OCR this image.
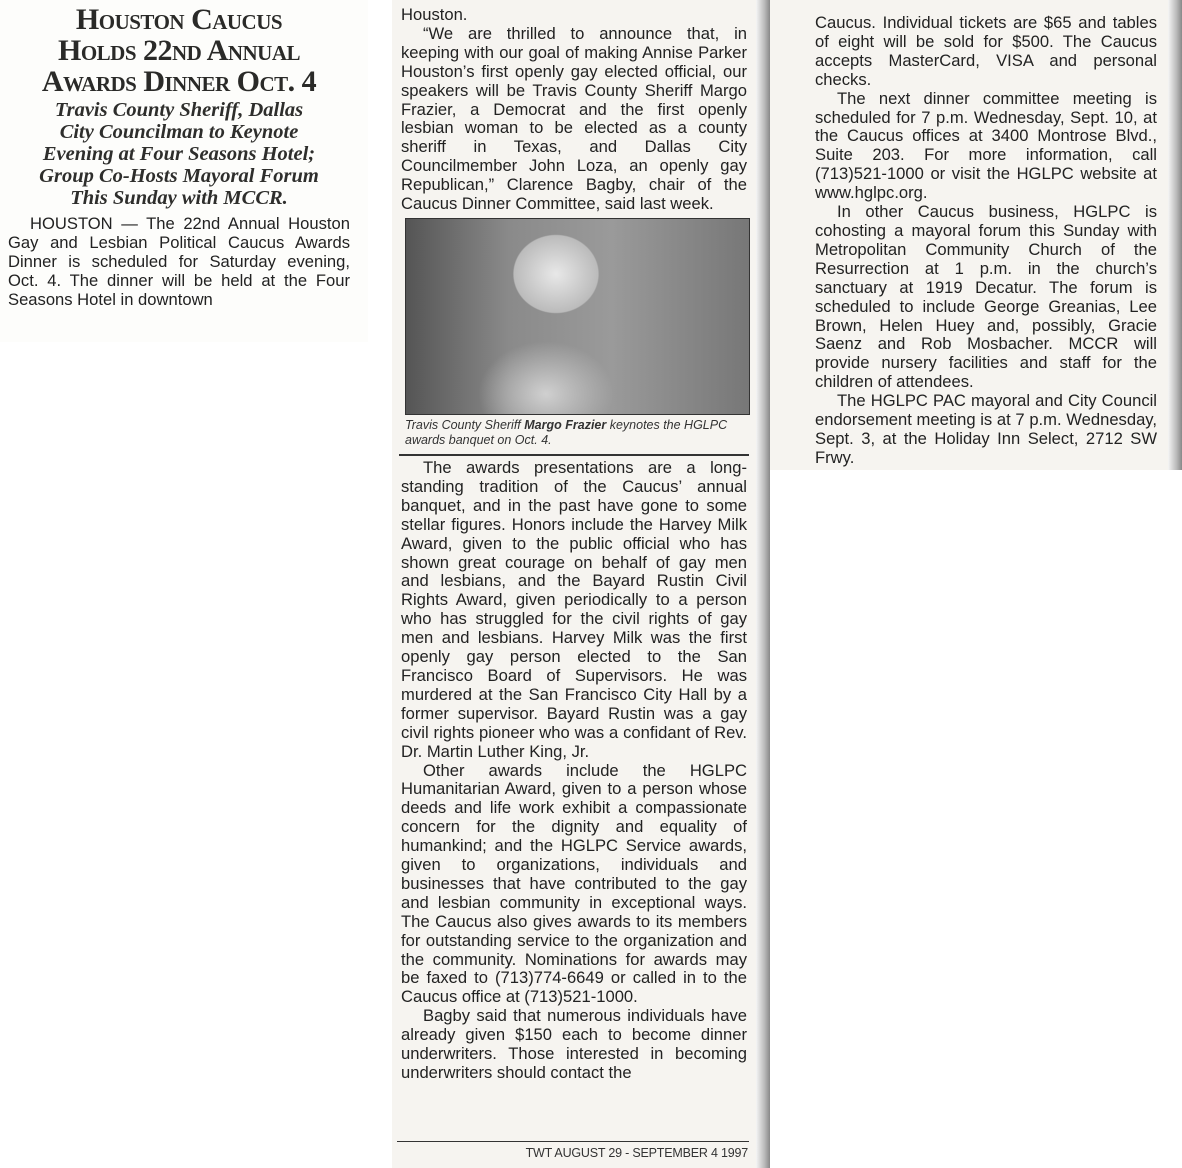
Houston Caucus
Holds 22nd Annual
Awards Dinner Oct. 4
Travis County Sheriff, Dallas
City Councilman to Keynote
Evening at Four Seasons Hotel;
Group Co-Hosts Mayoral Forum
This Sunday with MCCR.

HOUSTON — The 22nd Annual Houston Gay and Lesbian Political Caucus Awards Dinner is scheduled for Saturday evening, Oct. 4. The dinner will be held at the Four Seasons Hotel in downtown

Houston.

“We are thrilled to announce that, in keeping with our goal of making Annise Parker Houston’s first openly gay elected official, our speakers will be Travis County Sheriff Margo Frazier, a Democrat and the first openly lesbian woman to be elected as a county sheriff in Texas, and Dallas City Councilmember John Loza, an openly gay Republican,” Clarence Bagby, chair of the Caucus Dinner Committee, said last week.

Travis County Sheriff Margo Frazier keynotes the HGLPC awards banquet on Oct. 4.

The awards presentations are a long-standing tradition of the Caucus’ annual banquet, and in the past have gone to some stellar figures. Honors include the Harvey Milk Award, given to the public official who has shown great courage on behalf of gay men and lesbians, and the Bayard Rustin Civil Rights Award, given periodically to a person who has struggled for the civil rights of gay men and lesbians. Harvey Milk was the first openly gay person elected to the San Francisco Board of Supervisors. He was murdered at the San Francisco City Hall by a former supervisor. Bayard Rustin was a gay civil rights pioneer who was a confidant of Rev. Dr. Martin Luther King, Jr.

Other awards include the HGLPC Humanitarian Award, given to a person whose deeds and life work exhibit a compassionate concern for the dignity and equality of humankind; and the HGLPC Service awards, given to organizations, individuals and businesses that have contributed to the gay and lesbian community in exceptional ways. The Caucus also gives awards to its members for outstanding service to the organization and the community. Nominations for awards may be faxed to (713)774-6649 or called in to the Caucus office at (713)521-1000.

Bagby said that numerous individuals have already given $150 each to become dinner underwriters. Those interested in becoming underwriters should contact the

TWT AUGUST 29 - SEPTEMBER 4 1997

Caucus. Individual tickets are $65 and tables of eight will be sold for $500. The Caucus accepts MasterCard, VISA and personal checks.

The next dinner committee meeting is scheduled for 7 p.m. Wednesday, Sept. 10, at the Caucus offices at 3400 Montrose Blvd., Suite 203. For more information, call (713)521-1000 or visit the HGLPC website at www.hglpc.org.

In other Caucus business, HGLPC is cohosting a mayoral forum this Sunday with Metropolitan Community Church of the Resurrection at 1 p.m. in the church’s sanctuary at 1919 Decatur. The forum is scheduled to include George Greanias, Lee Brown, Helen Huey and, possibly, Gracie Saenz and Rob Mosbacher. MCCR will provide nursery facilities and staff for the children of attendees.

The HGLPC PAC mayoral and City Council endorsement meeting is at 7 p.m. Wednesday, Sept. 3, at the Holiday Inn Select, 2712 SW Frwy.
